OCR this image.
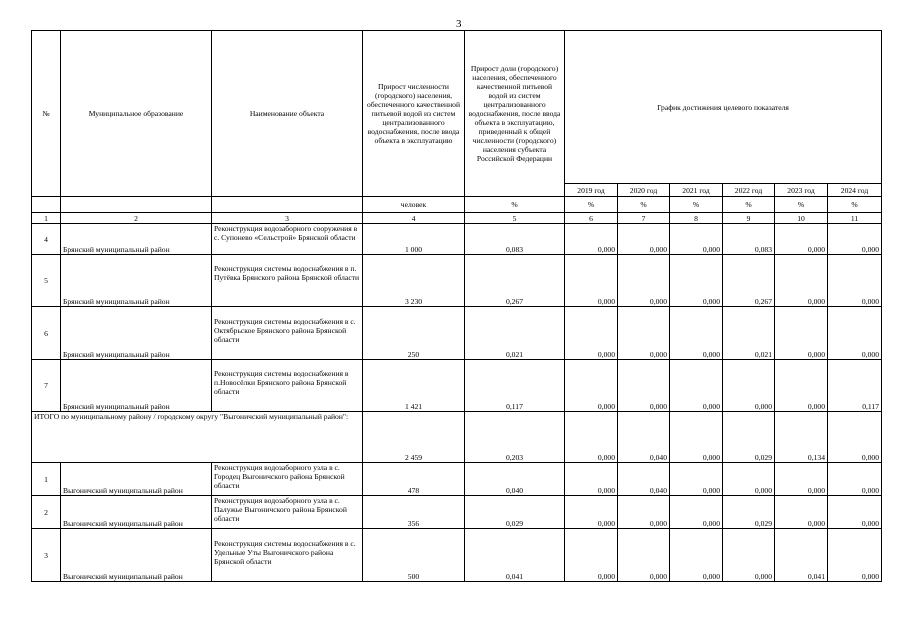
3
№	Муниципальное образование	Наименование объекта	Прирост численности (городского) населения, обеспеченного качественной питьевой водой из систем централизованного водоснабжения, после ввода объекта в эксплуатацию	Прирост доли (городского) населения, обеспеченного качественной питьевой водой из систем централизованного водоснабжения, после ввода объекта в эксплуатацию, приведенный к общей численности (городского) населения субъекта Российской Федерации	График достижения целевого показателя					
					2019 год	2020 год	2021 год	2022 год	2023 год	2024 год
			человек	%	%	%	%	%	%	%
1	2	3	4	5	6	7	8	9	10	11
4	Брянский муниципальный район	Реконструкция водозаборного сооружения в с. Супонево «Сельстрой» Брянской области	1 000	0,083	0,000	0,000	0,000	0,083	0,000	0,000
5	Брянский муниципальный район	Реконструкция системы водоснабжения в п. Путёвка Брянского района Брянской области	3 230	0,267	0,000	0,000	0,000	0,267	0,000	0,000
6	Брянский муниципальный район	Реконструкция системы водоснабжения в с. Октябрьское Брянского района Брянской области	250	0,021	0,000	0,000	0,000	0,021	0,000	0,000
7	Брянский муниципальный район	Реконструкция системы водоснабжения в п.Новосёлки Брянского района Брянской области	1 421	0,117	0,000	0,000	0,000	0,000	0,000	0,117
ИТОГО по муниципальному району / городскому округу "Выгоничский муниципальный район":			2 459	0,203	0,000	0,040	0,000	0,029	0,134	0,000
1	Выгоничский муниципальный район	Реконструкция водозаборного узла в с. Городец Выгоничского района Брянской области	478	0,040	0,000	0,040	0,000	0,000	0,000	0,000
2	Выгоничский муниципальный район	Реконструкция водозаборного узла в с. Палужье Выгоничского района Брянской области	356	0,029	0,000	0,000	0,000	0,029	0,000	0,000
3	Выгоничский муниципальный район	Реконструкция системы водоснабжения в с. Удельные Уты Выгоничского района Брянской области	500	0,041	0,000	0,000	0,000	0,000	0,041	0,000
